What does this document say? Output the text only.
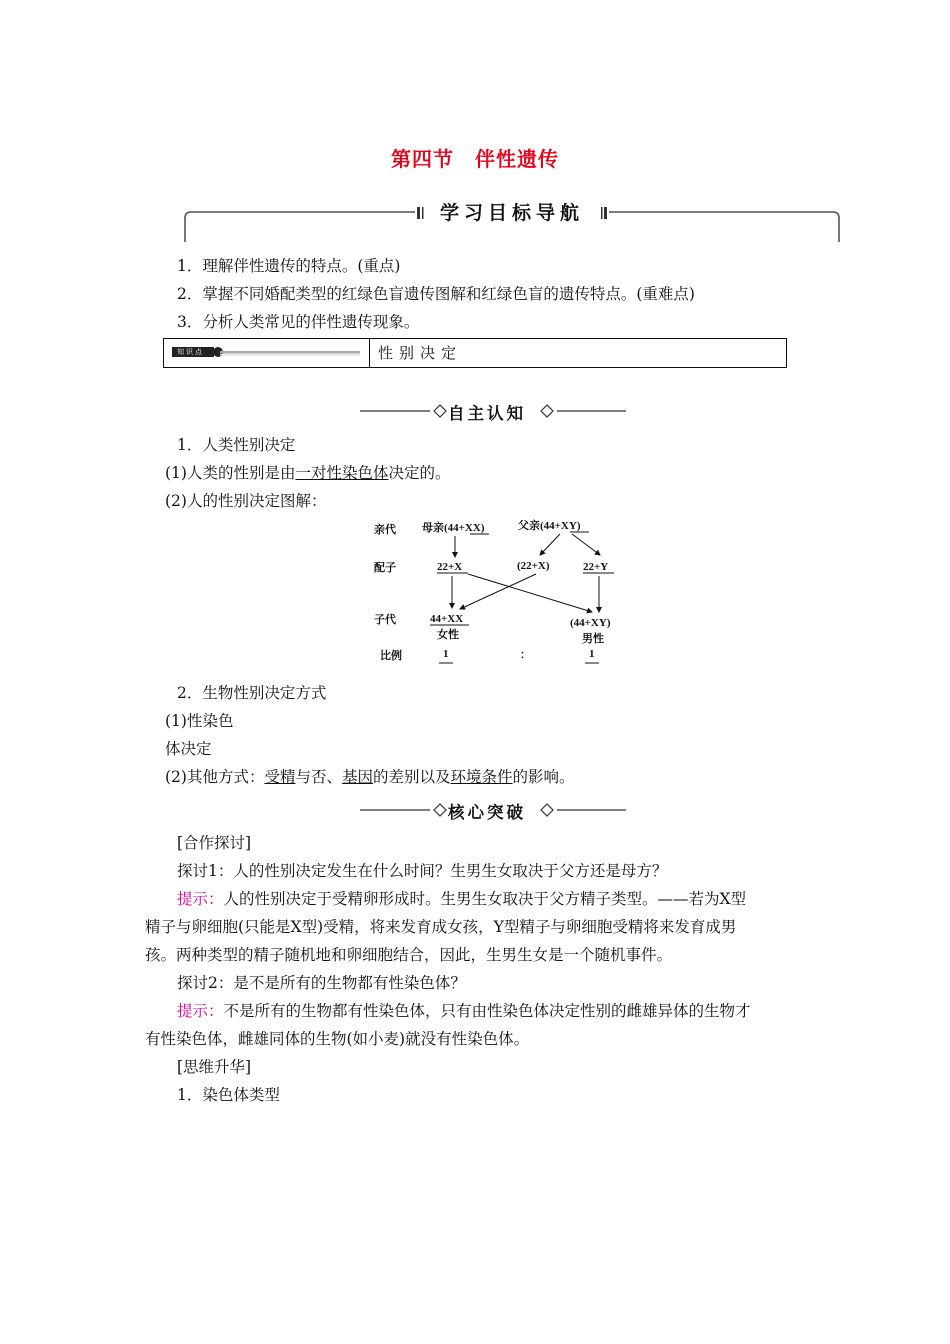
第四节　伴性遗传
学习目标导航
1．理解伴性遗传的特点。(重点)
2．掌握不同婚配类型的红绿色盲遗传图解和红绿色盲的遗传特点。(重难点)
3．分析人类常见的伴性遗传现象。
知识点	性别决定
自主认知
1．人类性别决定
(1)人类的性别是由一对性染色体决定的。
(2)人的性别决定图解：
亲代
配子
子代
比例
母亲(44+XX)	父亲(44+XY)
22+X	(22+X)	22+Y
44+XX
女性
(44+XY)
男性
1	：	1
2．生物性别决定方式
(1)性染色
体决定
(2)其他方式：受精与否、基因的差别以及环境条件的影响。
核心突破
[合作探讨]
探讨1：人的性别决定发生在什么时间？生男生女取决于父方还是母方？
提示：人的性别决定于受精卵形成时。生男生女取决于父方精子类型。——若为X型
精子与卵细胞(只能是X型)受精，将来发育成女孩，Y型精子与卵细胞受精将来发育成男
孩。两种类型的精子随机地和卵细胞结合，因此，生男生女是一个随机事件。
探讨2：是不是所有的生物都有性染色体？
提示：不是所有的生物都有性染色体，只有由性染色体决定性别的雌雄异体的生物才
有性染色体，雌雄同体的生物(如小麦)就没有性染色体。
[思维升华]
1．染色体类型
